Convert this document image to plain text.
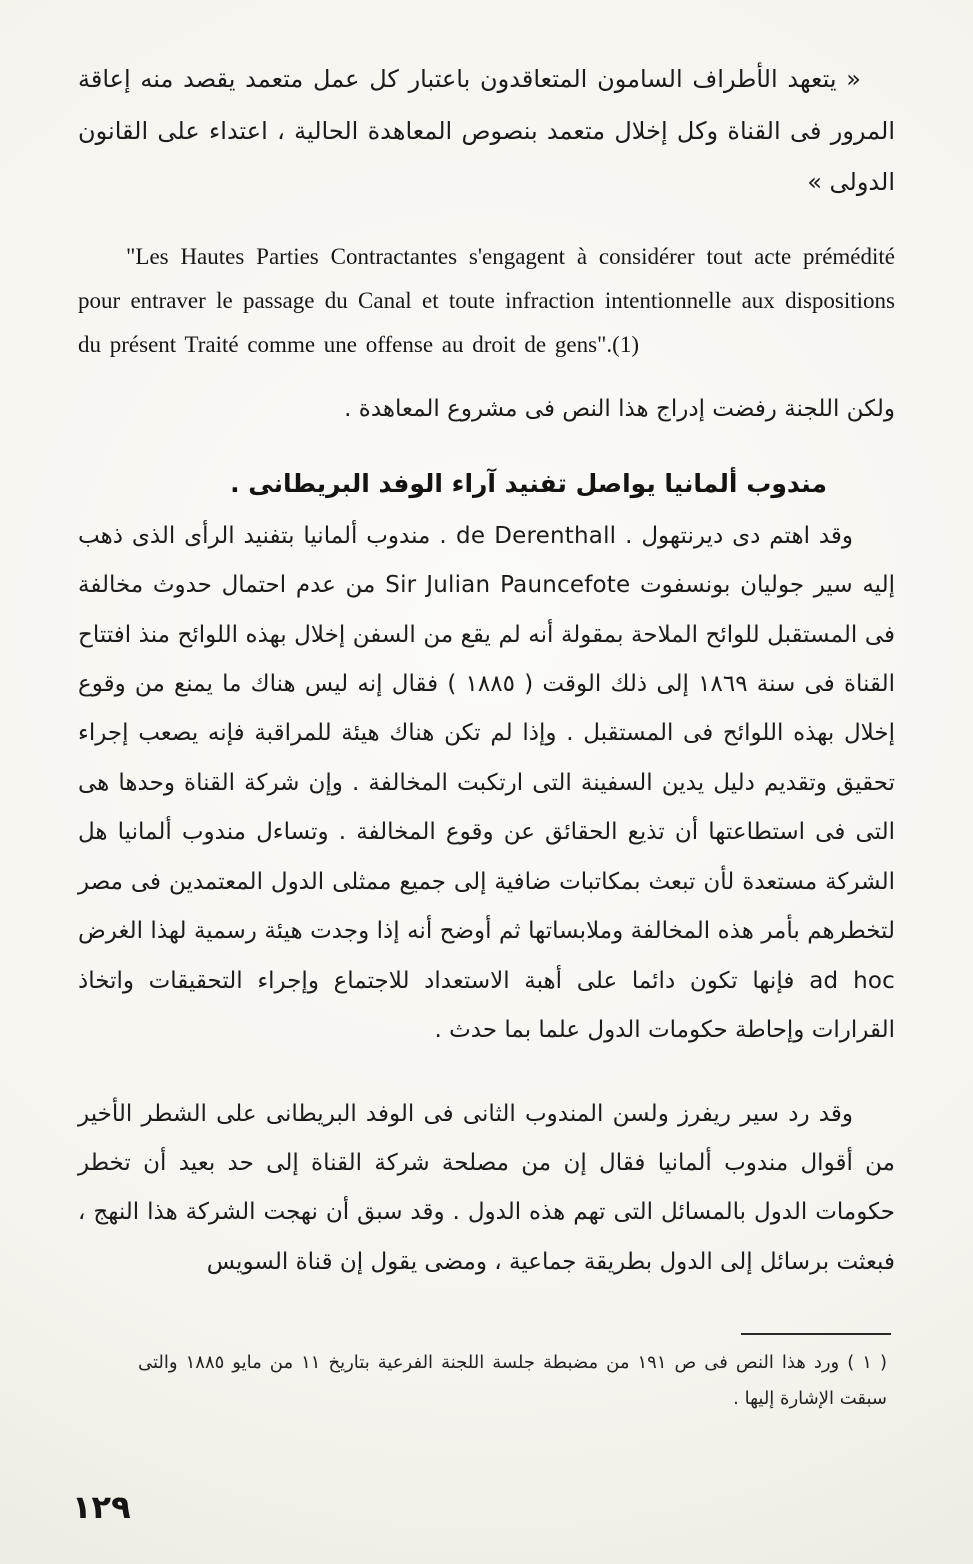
« يتعهد الأطراف السامون المتعاقدون باعتبار كل عمل متعمد يقصد منه إعاقة المرور فى القناة وكل إخلال متعمد بنصوص المعاهدة الحالية ، اعتداء على القانون الدولى »

"Les Hautes Parties Contractantes s'engagent à considérer tout acte prémédité pour entraver le passage du Canal et toute infraction intentionnelle aux dispositions du présent Traité comme une offense au droit de gens".(1)

ولكن اللجنة رفضت إدراج هذا النص فى مشروع المعاهدة .

مندوب ألمانيا يواصل تفنيد آراء الوفد البريطانى .

وقد اهتم دى ديرنتهول . de Derenthall . مندوب ألمانيا بتفنيد الرأى الذى ذهب إليه سير جوليان بونسفوت Sir Julian Pauncefote من عدم احتمال حدوث مخالفة فى المستقبل للوائح الملاحة بمقولة أنه لم يقع من السفن إخلال بهذه اللوائح منذ افتتاح القناة فى سنة ١٨٦٩ إلى ذلك الوقت ( ١٨٨٥ ) فقال إنه ليس هناك ما يمنع من وقوع إخلال بهذه اللوائح فى المستقبل . وإذا لم تكن هناك هيئة للمراقبة فإنه يصعب إجراء تحقيق وتقديم دليل يدين السفينة التى ارتكبت المخالفة . وإن شركة القناة وحدها هى التى فى استطاعتها أن تذيع الحقائق عن وقوع المخالفة . وتساءل مندوب ألمانيا هل الشركة مستعدة لأن تبعث بمكاتبات ضافية إلى جميع ممثلى الدول المعتمدين فى مصر لتخطرهم بأمر هذه المخالفة وملابساتها ثم أوضح أنه إذا وجدت هيئة رسمية لهذا الغرض ad hoc فإنها تكون دائما على أهبة الاستعداد للاجتماع وإجراء التحقيقات واتخاذ القرارات وإحاطة حكومات الدول علما بما حدث .

وقد رد سير ريفرز ولسن المندوب الثانى فى الوفد البريطانى على الشطر الأخير من أقوال مندوب ألمانيا فقال إن من مصلحة شركة القناة إلى حد بعيد أن تخطر حكومات الدول بالمسائل التى تهم هذه الدول . وقد سبق أن نهجت الشركة هذا النهج ، فبعثت برسائل إلى الدول بطريقة جماعية ، ومضى يقول إن قناة السويس

( ١ ) ورد هذا النص فى ص ١٩١ من مضبطة جلسة اللجنة الفرعية بتاريخ ١١ من مايو ١٨٨٥ والتى سبقت الإشارة إليها .

١٢٩
